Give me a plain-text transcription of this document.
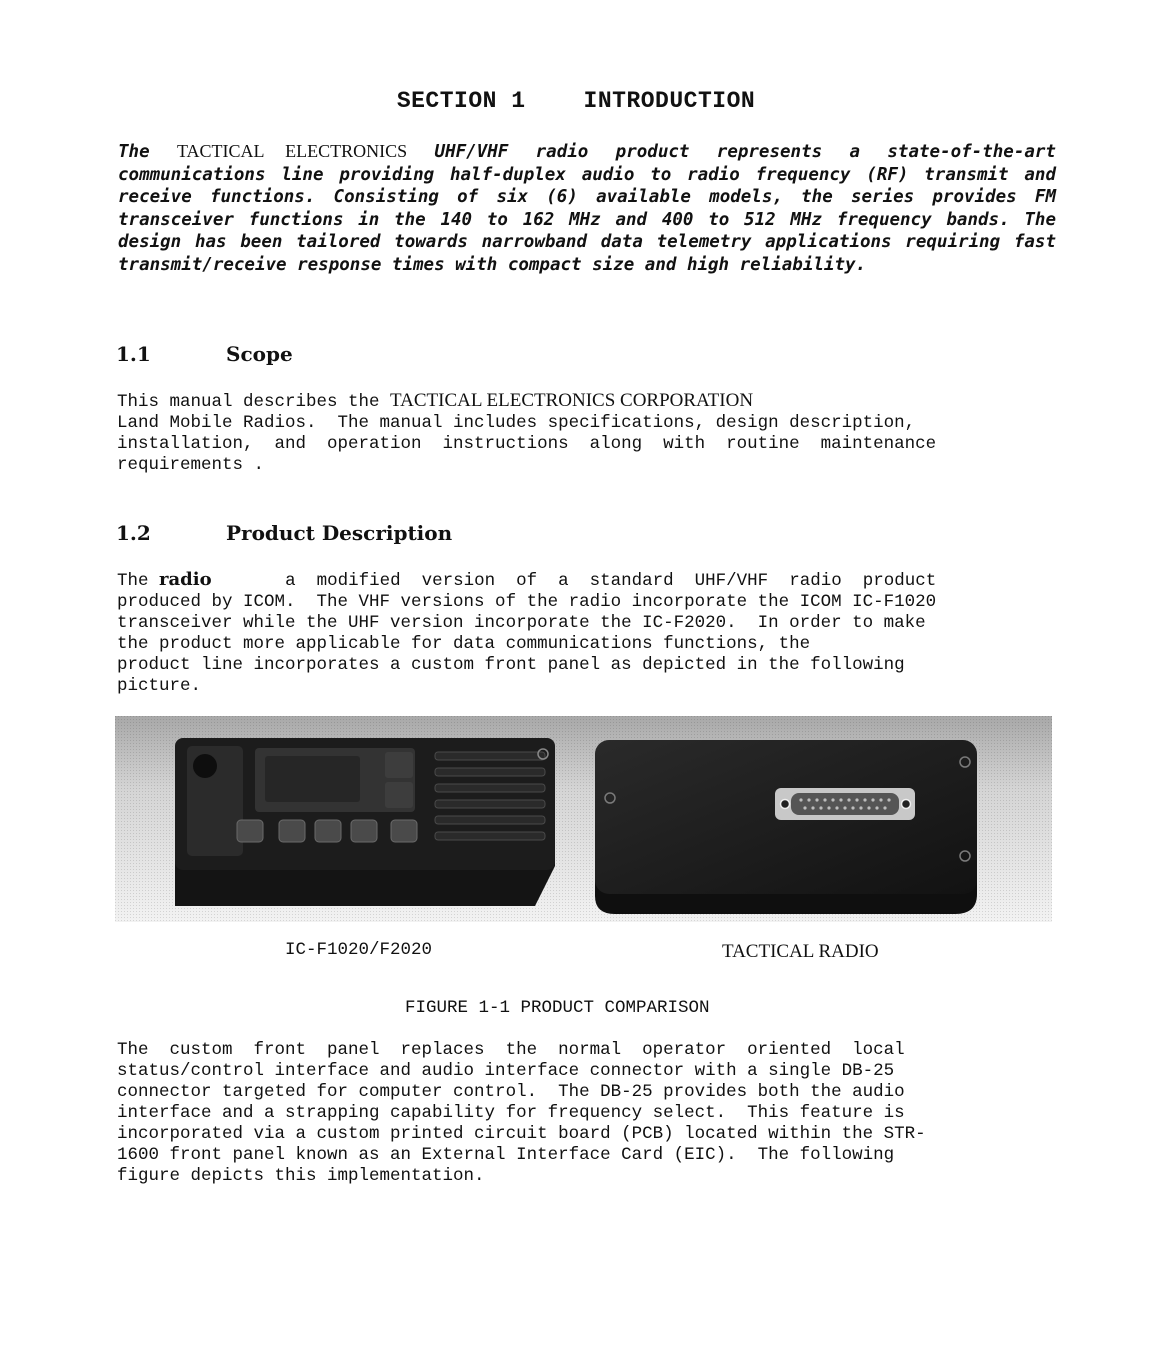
SECTION 1	INTRODUCTION

The TACTICAL ELECTRONICS UHF/VHF radio product represents a state-of-the-art communications line providing half-duplex audio to radio frequency (RF) transmit and receive functions. Consisting of six (6) available models, the series provides FM transceiver functions in the 140 to 162 MHz and 400 to 512 MHz frequency bands. The design has been tailored towards narrowband data telemetry applications requiring fast transmit/receive response times with compact size and high reliability.

1.1	Scope

This manual describes the TACTICAL ELECTRONICS CORPORATION
Land Mobile Radios.  The manual includes specifications, design description,
installation,  and  operation  instructions  along  with  routine  maintenance
requirements .

1.2	Product Description

The radio       a  modified  version  of  a  standard  UHF/VHF  radio  product
produced by ICOM.  The VHF versions of the radio incorporate the ICOM IC-F1020
transceiver while the UHF version incorporate the IC-F2020.  In order to make
the product more applicable for data communications functions, the
product line incorporates a custom front panel as depicted in the following
picture.

IC-F1020/F2020	TACTICAL RADIO
FIGURE 1-1 PRODUCT COMPARISON

The  custom  front  panel  replaces  the  normal  operator  oriented  local
status/control interface and audio interface connector with a single DB-25
connector targeted for computer control.  The DB-25 provides both the audio
interface and a strapping capability for frequency select.  This feature is
incorporated via a custom printed circuit board (PCB) located within the STR-
1600 front panel known as an External Interface Card (EIC).  The following
figure depicts this implementation.
